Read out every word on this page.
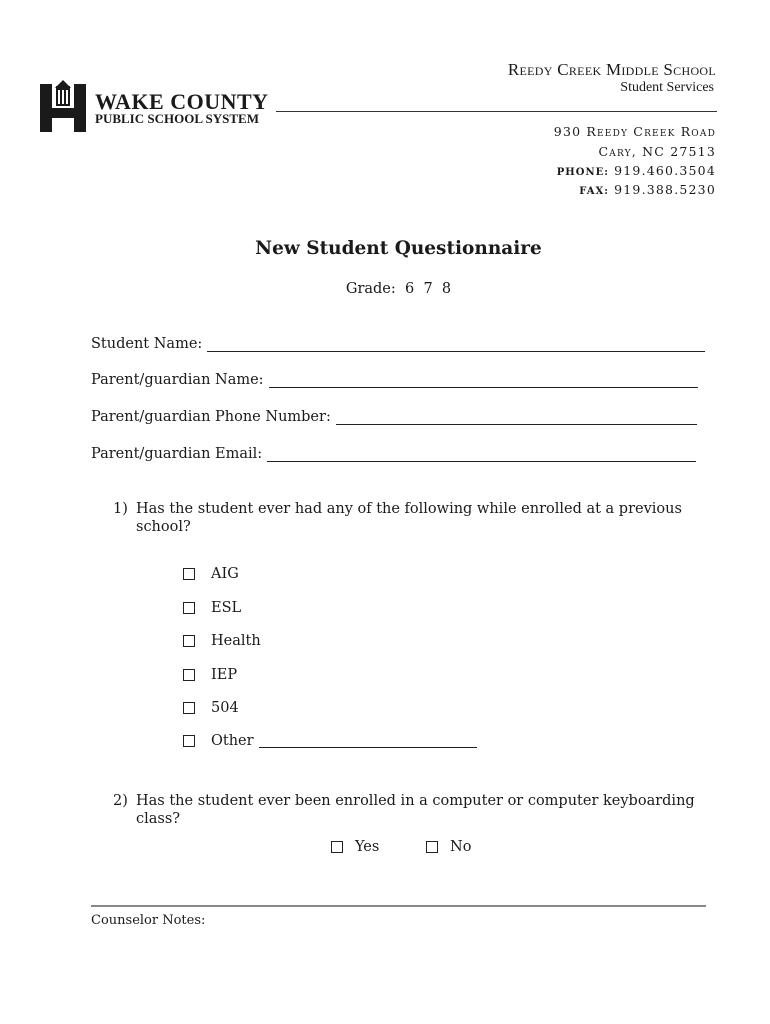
WAKE COUNTY
PUBLIC SCHOOL SYSTEM
Reedy Creek Middle School
Student Services
930 Reedy Creek Road
Cary, NC 27513
PHONE: 919.460.3504
FAX: 919.388.5230
New Student Questionnaire
Grade: 6  7  8
Student Name:
Parent/guardian Name:
Parent/guardian Phone Number:
Parent/guardian Email:
1) Has the student ever had any of the following while enrolled at a previous school?
AIG
ESL
Health
IEP
504
Other
2) Has the student ever been enrolled in a computer or computer keyboarding class?
Yes	No
Counselor Notes:
